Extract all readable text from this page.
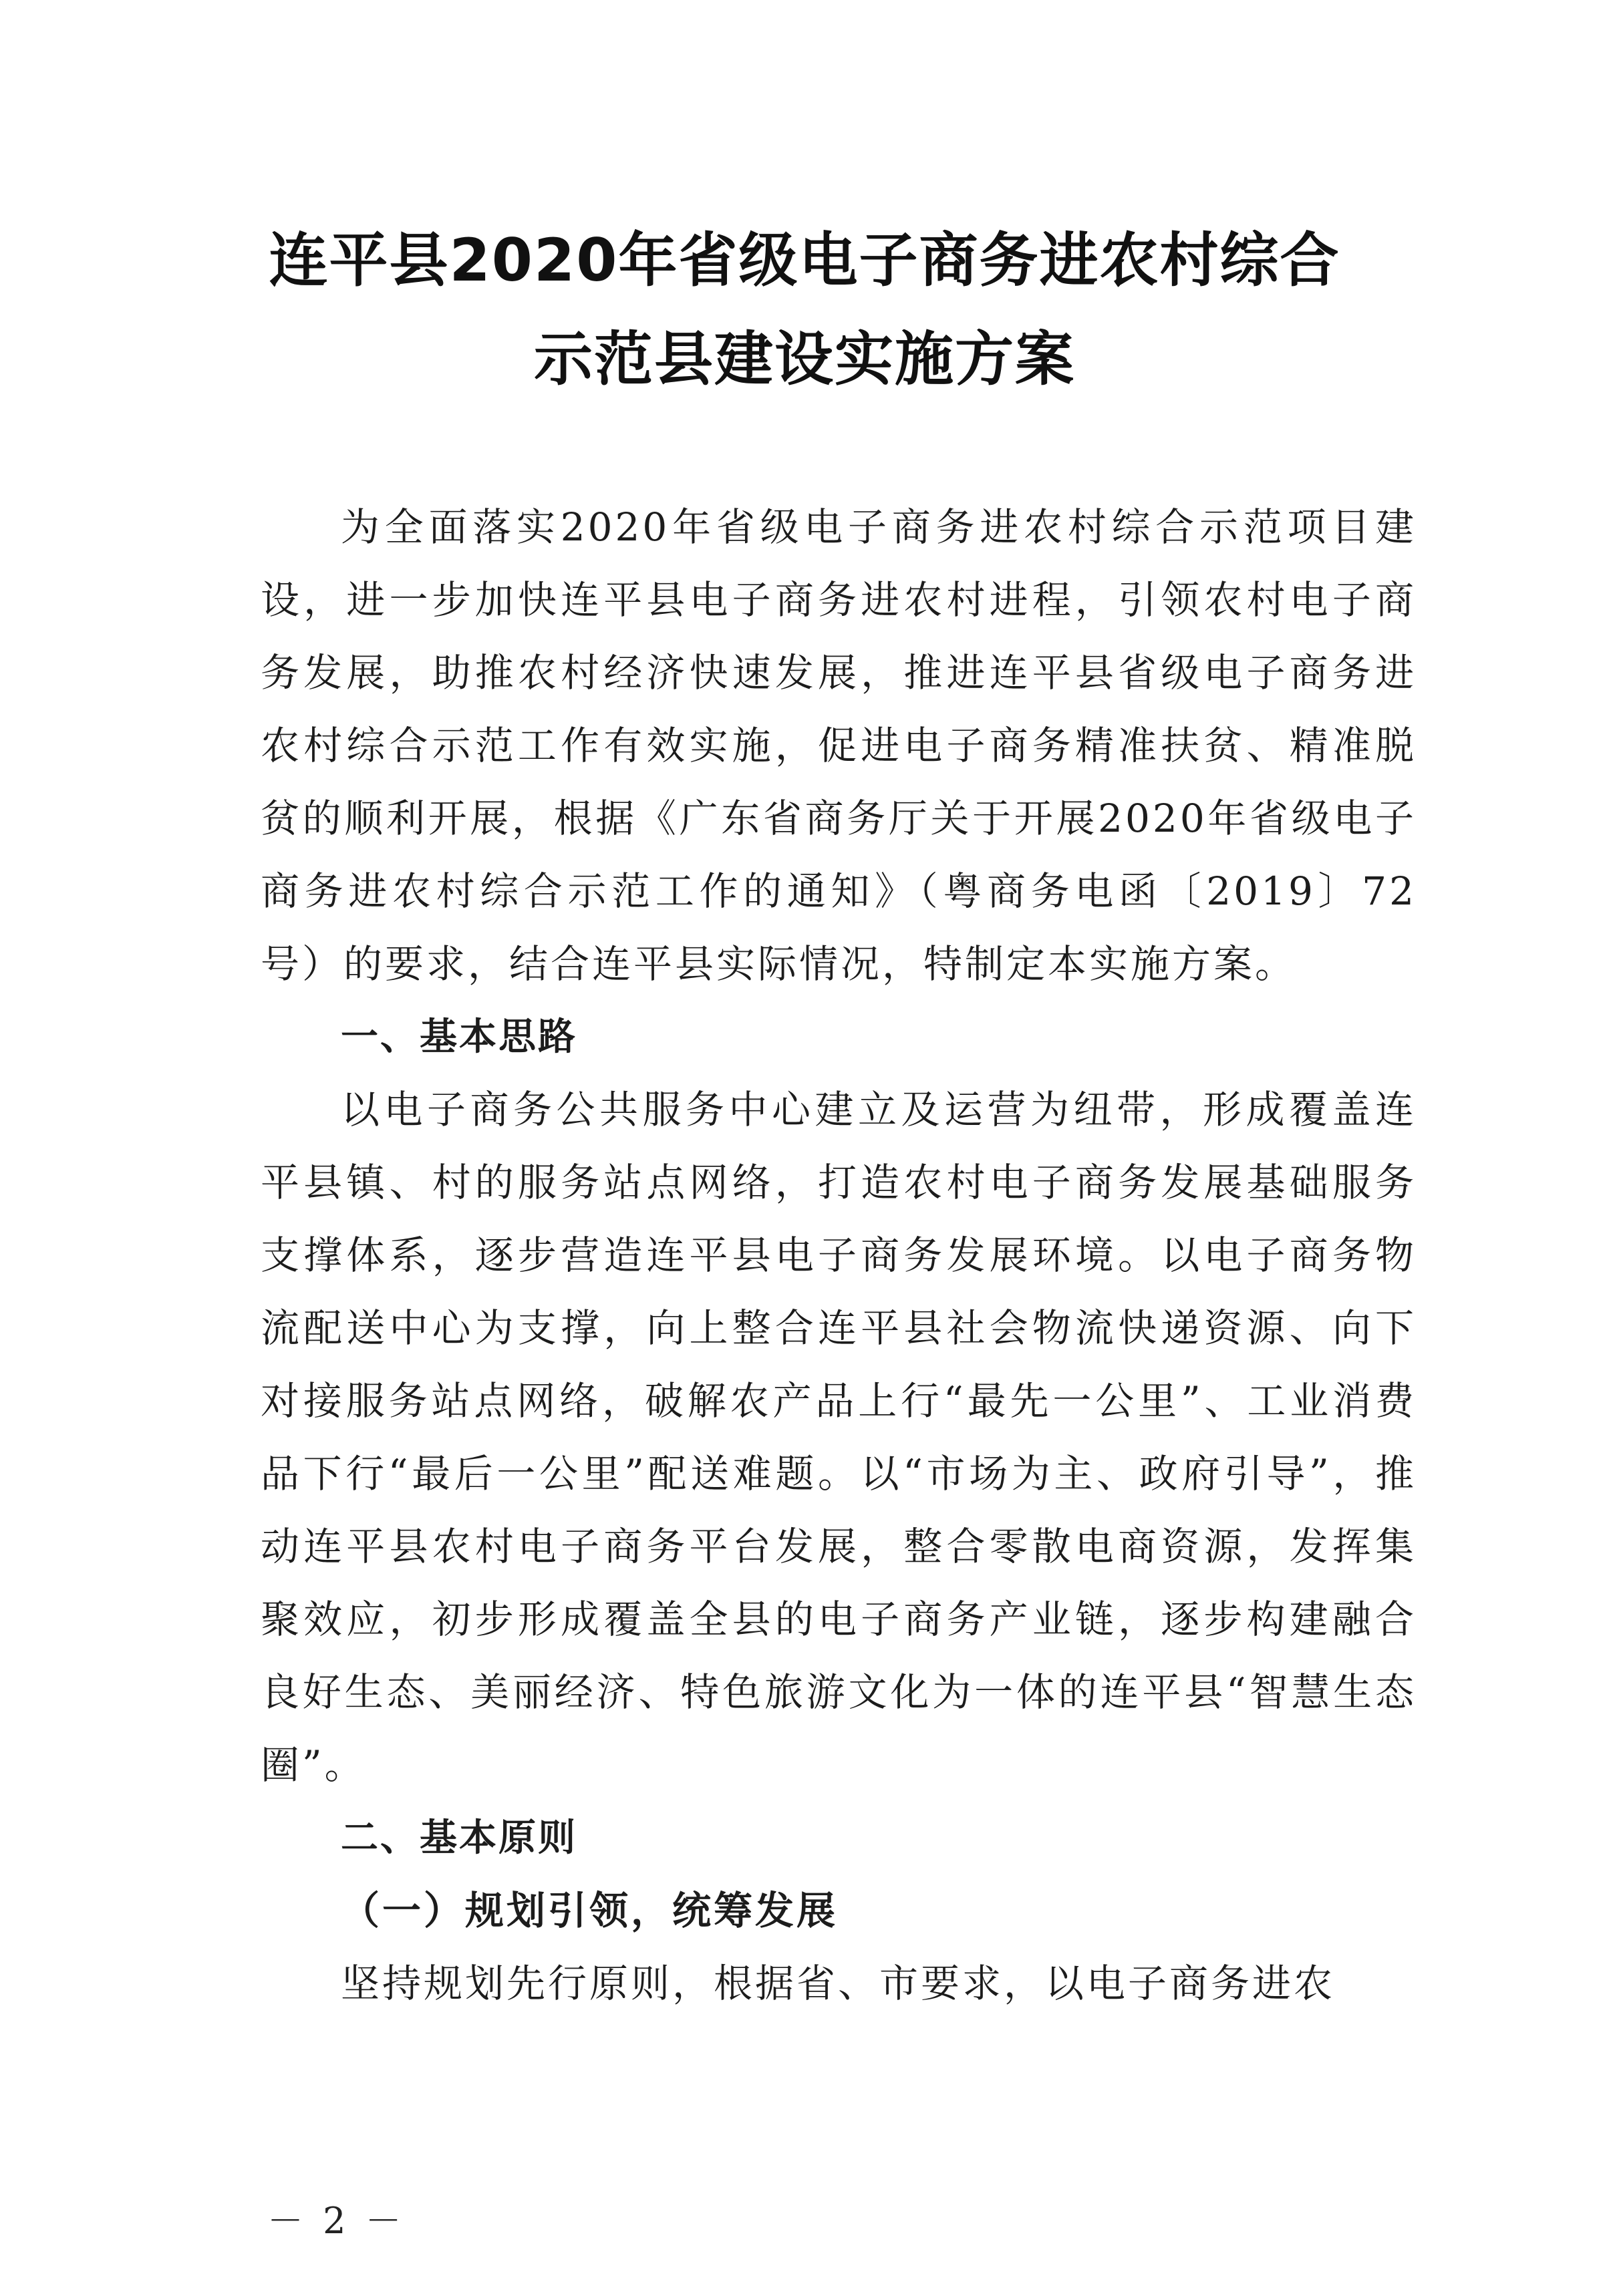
连平县2020年省级电子商务进农村综合
示范县建设实施方案

为全面落实2020年省级电子商务进农村综合示范项目建设，进一步加快连平县电子商务进农村进程，引领农村电子商务发展，助推农村经济快速发展，推进连平县省级电子商务进农村综合示范工作有效实施，促进电子商务精准扶贫、精准脱贫的顺利开展，根据《广东省商务厅关于开展2020年省级电子商务进农村综合示范工作的通知》（粤商务电函〔2019〕72号）的要求，结合连平县实际情况，特制定本实施方案。

一、基本思路

以电子商务公共服务中心建立及运营为纽带，形成覆盖连平县镇、村的服务站点网络，打造农村电子商务发展基础服务支撑体系，逐步营造连平县电子商务发展环境。以电子商务物流配送中心为支撑，向上整合连平县社会物流快递资源、向下对接服务站点网络，破解农产品上行“最先一公里”、工业消费品下行“最后一公里”配送难题。以“市场为主、政府引导”，推动连平县农村电子商务平台发展，整合零散电商资源，发挥集聚效应，初步形成覆盖全县的电子商务产业链，逐步构建融合良好生态、美丽经济、特色旅游文化为一体的连平县“智慧生态圈”。

二、基本原则

（一）规划引领，统筹发展

坚持规划先行原则，根据省、市要求，以电子商务进农

－ 2 －
